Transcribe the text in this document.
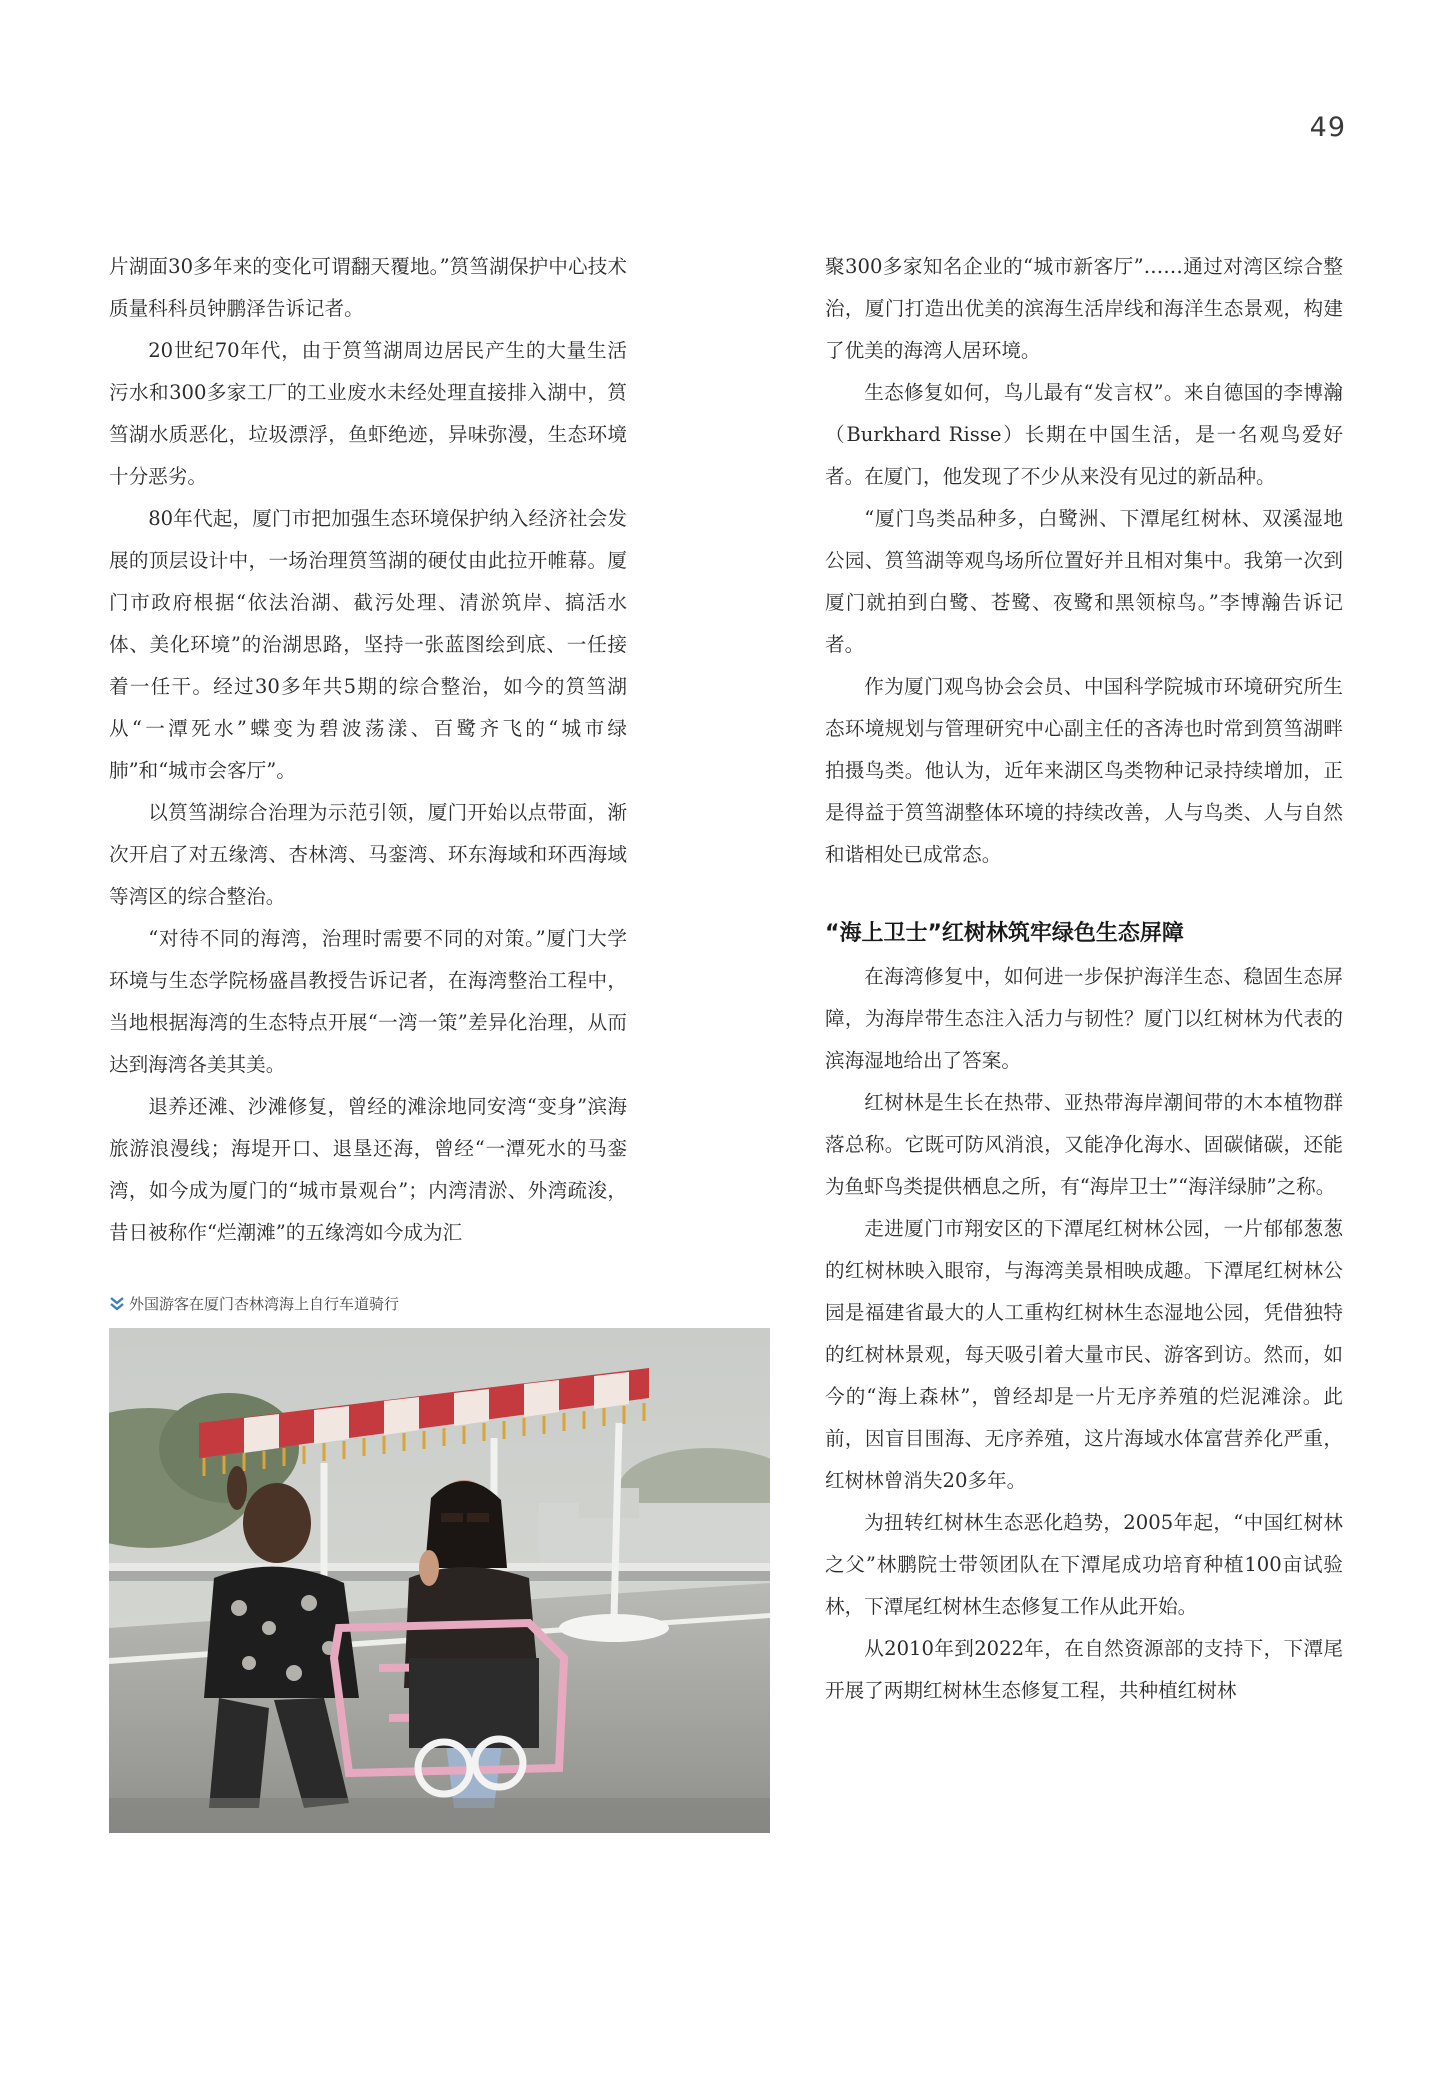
49

片湖面30多年来的变化可谓翻天覆地。”筼筜湖保护中心技术质量科科员钟鹏泽告诉记者。

20世纪70年代，由于筼筜湖周边居民产生的大量生活污水和300多家工厂的工业废水未经处理直接排入湖中，筼筜湖水质恶化，垃圾漂浮，鱼虾绝迹，异味弥漫，生态环境十分恶劣。

80年代起，厦门市把加强生态环境保护纳入经济社会发展的顶层设计中，一场治理筼筜湖的硬仗由此拉开帷幕。厦门市政府根据“依法治湖、截污处理、清淤筑岸、搞活水体、美化环境”的治湖思路，坚持一张蓝图绘到底、一任接着一任干。经过30多年共5期的综合整治，如今的筼筜湖从“一潭死水”蝶变为碧波荡漾、百鹭齐飞的“城市绿肺”和“城市会客厅”。

以筼筜湖综合治理为示范引领，厦门开始以点带面，渐次开启了对五缘湾、杏林湾、马銮湾、环东海域和环西海域等湾区的综合整治。

“对待不同的海湾，治理时需要不同的对策。”厦门大学环境与生态学院杨盛昌教授告诉记者，在海湾整治工程中，当地根据海湾的生态特点开展“一湾一策”差异化治理，从而达到海湾各美其美。

退养还滩、沙滩修复，曾经的滩涂地同安湾“变身”滨海旅游浪漫线；海堤开口、退垦还海，曾经“一潭死水的马銮湾，如今成为厦门的“城市景观台”；内湾清淤、外湾疏浚，昔日被称作“烂潮滩”的五缘湾如今成为汇

外国游客在厦门杏林湾海上自行车道骑行

聚300多家知名企业的“城市新客厅”……通过对湾区综合整治，厦门打造出优美的滨海生活岸线和海洋生态景观，构建了优美的海湾人居环境。

生态修复如何，鸟儿最有“发言权”。来自德国的李博瀚（Burkhard Risse）长期在中国生活，是一名观鸟爱好者。在厦门，他发现了不少从来没有见过的新品种。

“厦门鸟类品种多，白鹭洲、下潭尾红树林、双溪湿地公园、筼筜湖等观鸟场所位置好并且相对集中。我第一次到厦门就拍到白鹭、苍鹭、夜鹭和黑领椋鸟。”李博瀚告诉记者。

作为厦门观鸟协会会员、中国科学院城市环境研究所生态环境规划与管理研究中心副主任的吝涛也时常到筼筜湖畔拍摄鸟类。他认为，近年来湖区鸟类物种记录持续增加，正是得益于筼筜湖整体环境的持续改善，人与鸟类、人与自然和谐相处已成常态。

“海上卫士”红树林筑牢绿色生态屏障

在海湾修复中，如何进一步保护海洋生态、稳固生态屏障，为海岸带生态注入活力与韧性？厦门以红树林为代表的滨海湿地给出了答案。

红树林是生长在热带、亚热带海岸潮间带的木本植物群落总称。它既可防风消浪，又能净化海水、固碳储碳，还能为鱼虾鸟类提供栖息之所，有“海岸卫士”“海洋绿肺”之称。

走进厦门市翔安区的下潭尾红树林公园，一片郁郁葱葱的红树林映入眼帘，与海湾美景相映成趣。下潭尾红树林公园是福建省最大的人工重构红树林生态湿地公园，凭借独特的红树林景观，每天吸引着大量市民、游客到访。然而，如今的“海上森林”，曾经却是一片无序养殖的烂泥滩涂。此前，因盲目围海、无序养殖，这片海域水体富营养化严重，红树林曾消失20多年。

为扭转红树林生态恶化趋势，2005年起，“中国红树林之父”林鹏院士带领团队在下潭尾成功培育种植100亩试验林，下潭尾红树林生态修复工作从此开始。

从2010年到2022年，在自然资源部的支持下，下潭尾开展了两期红树林生态修复工程，共种植红树林
